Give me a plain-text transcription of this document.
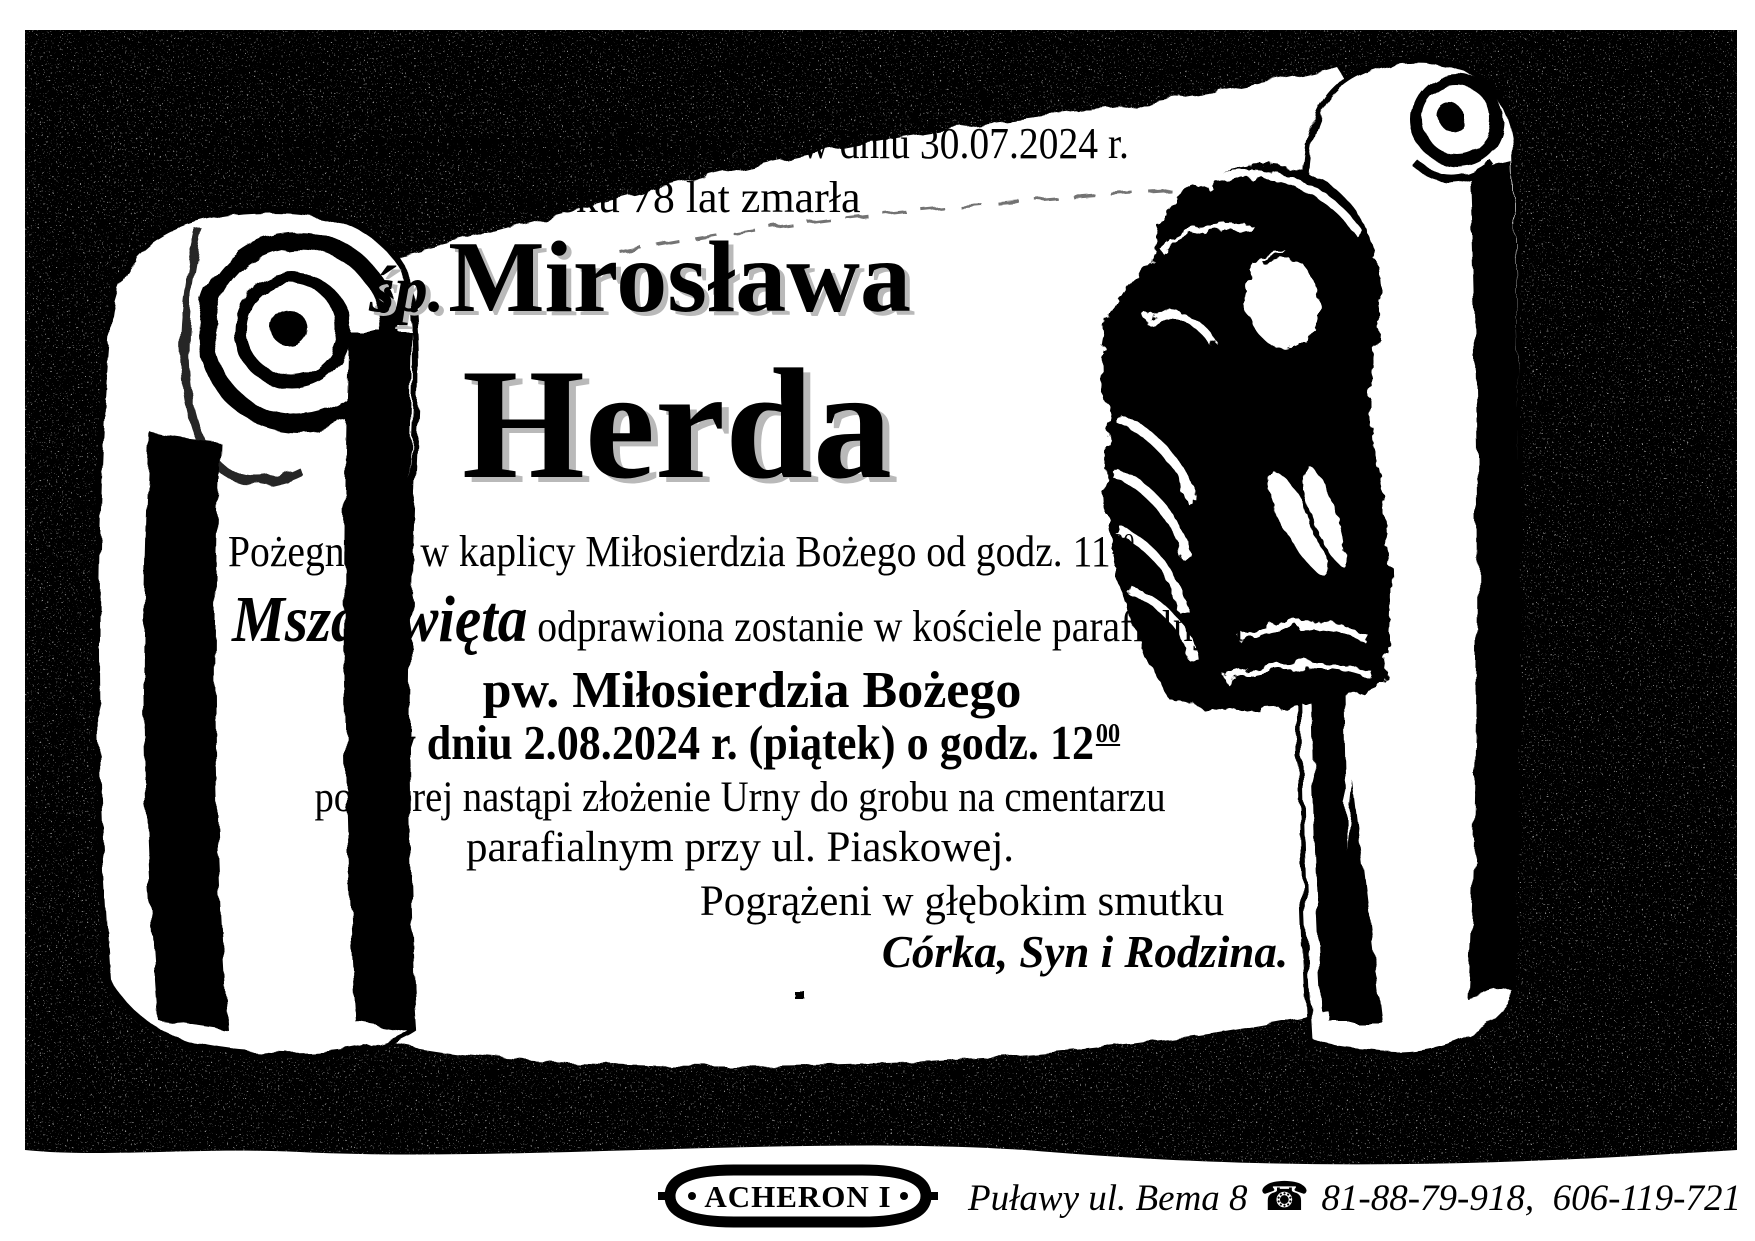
Z głębokim żalem zawiadamiamy, że w dniu 30.07.2024 r.
w wieku 78 lat zmarła
śp. Mirosława
Herda
Pożegnanie w kaplicy Miłosierdzia Bożego od godz. $11^{30}$
Msza święta odprawiona zostanie w kościele parafialnym
pw. Miłosierdzia Bożego
w dniu 2.08.2024 r. (piątek) o godz. $12^{00}$
po której nastąpi złożenie Urny do grobu na cmentarzu
parafialnym przy ul. Piaskowej.
Pogrążeni w głębokim smutku
Córka, Syn i Rodzina.
ACHERON I Puławy ul. Bema 8 ☎ 81-88-79-918,  606-119-721
